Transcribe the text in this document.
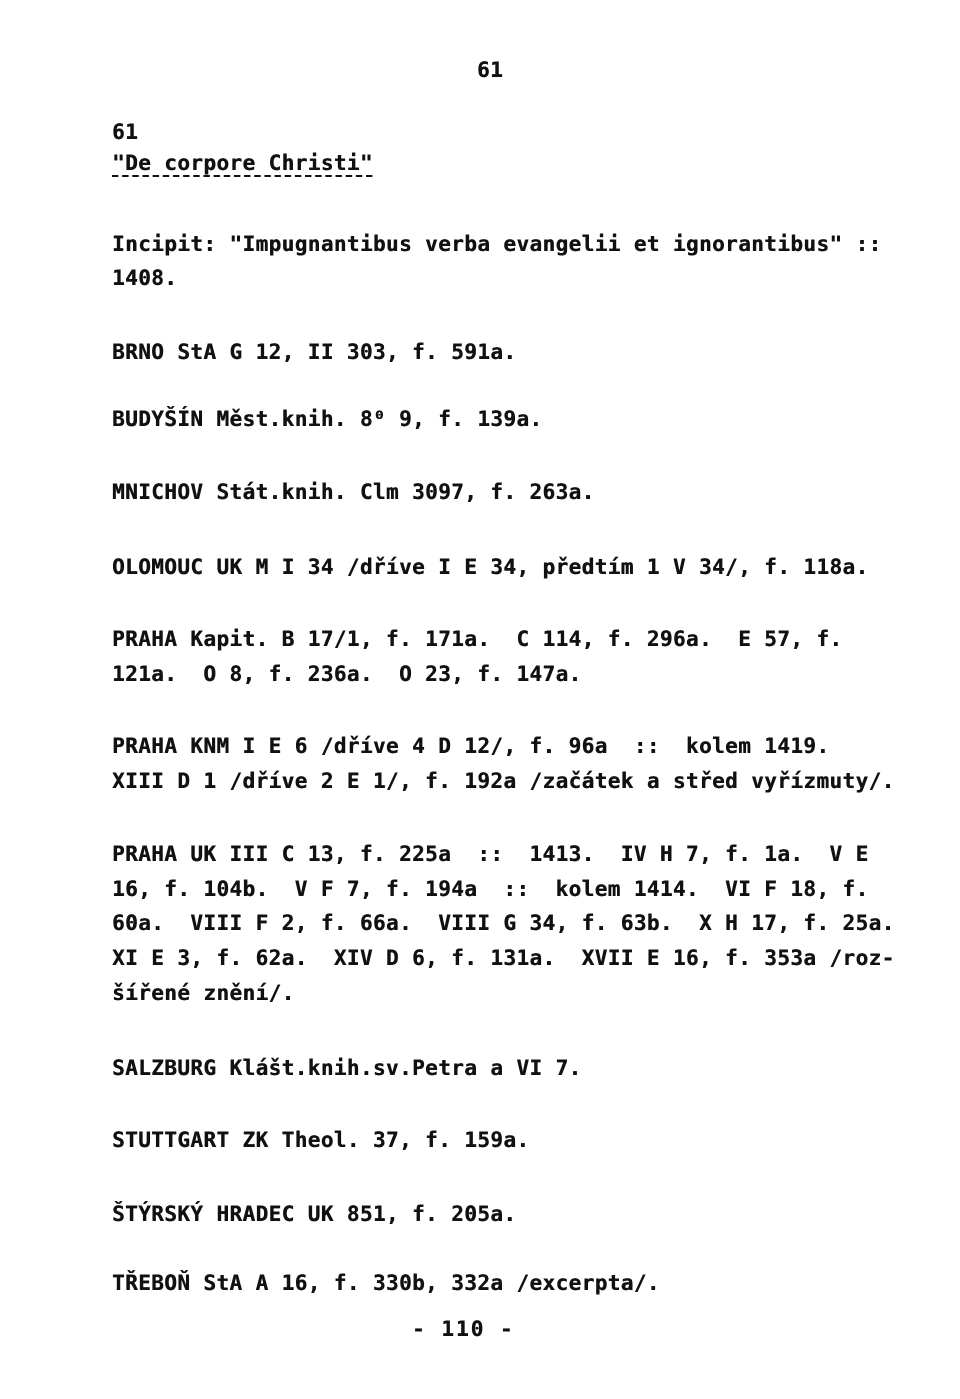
61
61
"De corpore Christi"
Incipit: "Impugnantibus verba evangelii et ignorantibus" ::
1408.
BRNO StA G 12, II 303, f. 591a.
BUDYŠÍN Měst.knih. 8⁰ 9, f. 139a.
MNICHOV Stát.knih. Clm 3097, f. 263a.
OLOMOUC UK M I 34 /dříve I E 34, předtím 1 V 34/, f. 118a.
PRAHA Kapit. B 17/1, f. 171a.  C 114, f. 296a.  E 57, f.
121a.  O 8, f. 236a.  O 23, f. 147a.
PRAHA KNM I E 6 /dříve 4 D 12/, f. 96a  ::  kolem 1419.
XIII D 1 /dříve 2 E 1/, f. 192a /začátek a střed vyřízmuty/.
PRAHA UK III C 13, f. 225a  ::  1413.  IV H 7, f. 1a.  V E
16, f. 104b.  V F 7, f. 194a  ::  kolem 1414.  VI F 18, f.
60a.  VIII F 2, f. 66a.  VIII G 34, f. 63b.  X H 17, f. 25a.
XI E 3, f. 62a.  XIV D 6, f. 131a.  XVII E 16, f. 353a /roz-
šířené znění/.
SALZBURG Klášt.knih.sv.Petra a VI 7.
STUTTGART ZK Theol. 37, f. 159a.
ŠTÝRSKÝ HRADEC UK 851, f. 205a.
TŘEBOŇ StA A 16, f. 330b, 332a /excerpta/.
- 110 -
